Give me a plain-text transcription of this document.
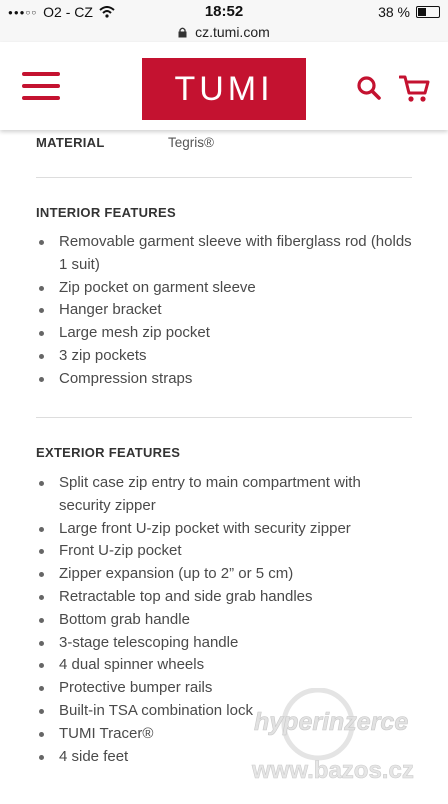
●●●○○ O2 - CZ	18:52	38 %
cz.tumi.com
TUMI
MATERIAL	Tegris®
INTERIOR FEATURES
Removable garment sleeve with fiberglass rod (holds 1 suit)
Zip pocket on garment sleeve
Hanger bracket
Large mesh zip pocket
3 zip pockets
Compression straps
EXTERIOR FEATURES
Split case zip entry to main compartment with security zipper
Large front U-zip pocket with security zipper
Front U-zip pocket
Zipper expansion (up to 2” or 5 cm)
Retractable top and side grab handles
Bottom grab handle
3-stage telescoping handle
4 dual spinner wheels
Protective bumper rails
Built-in TSA combination lock
TUMI Tracer®
4 side feet
hyperinzerce
www.bazos.cz
